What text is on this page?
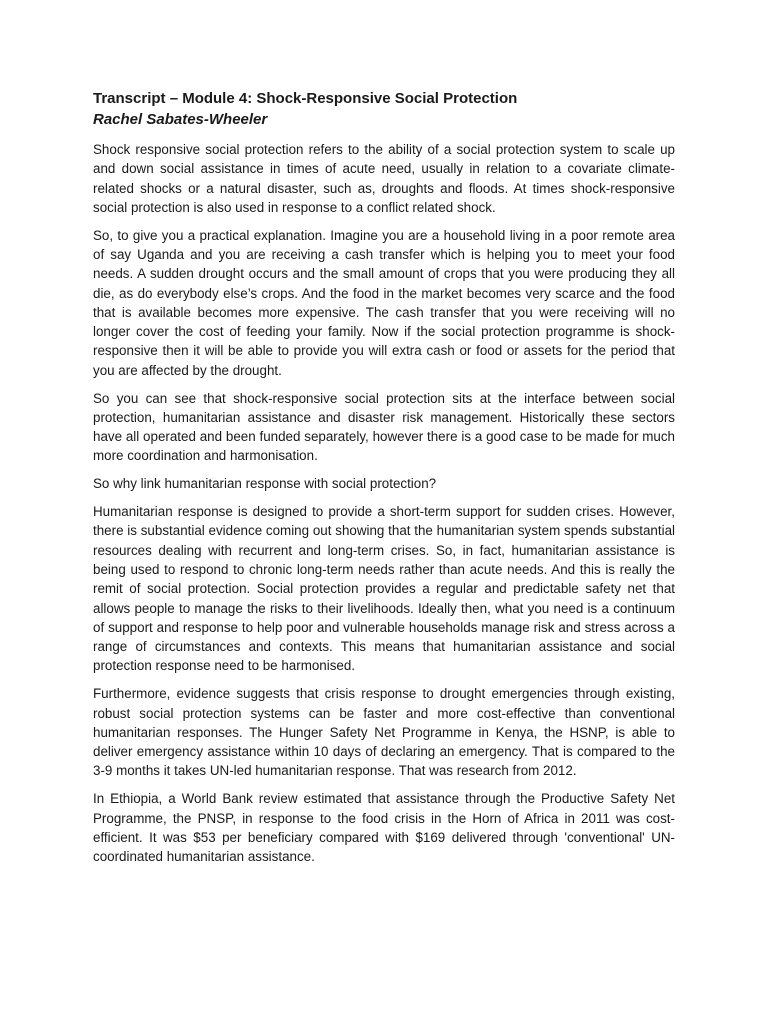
Transcript – Module 4: Shock-Responsive Social Protection
Rachel Sabates-Wheeler

Shock responsive social protection refers to the ability of a social protection system to scale up and down social assistance in times of acute need, usually in relation to a covariate climate-related shocks or a natural disaster, such as, droughts and floods. At times shock-responsive social protection is also used in response to a conflict related shock.

So, to give you a practical explanation. Imagine you are a household living in a poor remote area of say Uganda and you are receiving a cash transfer which is helping you to meet your food needs. A sudden drought occurs and the small amount of crops that you were producing they all die, as do everybody else’s crops. And the food in the market becomes very scarce and the food that is available becomes more expensive. The cash transfer that you were receiving will no longer cover the cost of feeding your family. Now if the social protection programme is shock-responsive then it will be able to provide you will extra cash or food or assets for the period that you are affected by the drought.

So you can see that shock-responsive social protection sits at the interface between social protection, humanitarian assistance and disaster risk management. Historically these sectors have all operated and been funded separately, however there is a good case to be made for much more coordination and harmonisation.

So why link humanitarian response with social protection?

Humanitarian response is designed to provide a short-term support for sudden crises. However, there is substantial evidence coming out showing that the humanitarian system spends substantial resources dealing with recurrent and long-term crises. So, in fact, humanitarian assistance is being used to respond to chronic long-term needs rather than acute needs. And this is really the remit of social protection. Social protection provides a regular and predictable safety net that allows people to manage the risks to their livelihoods. Ideally then, what you need is a continuum of support and response to help poor and vulnerable households manage risk and stress across a range of circumstances and contexts. This means that humanitarian assistance and social protection response need to be harmonised.

Furthermore, evidence suggests that crisis response to drought emergencies through existing, robust social protection systems can be faster and more cost-effective than conventional humanitarian responses. The Hunger Safety Net Programme in Kenya, the HSNP, is able to deliver emergency assistance within 10 days of declaring an emergency. That is compared to the 3-9 months it takes UN-led humanitarian response. That was research from 2012.

In Ethiopia, a World Bank review estimated that assistance through the Productive Safety Net Programme, the PNSP, in response to the food crisis in the Horn of Africa in 2011 was cost-efficient. It was $53 per beneficiary compared with $169 delivered through 'conventional' UN-coordinated humanitarian assistance.
